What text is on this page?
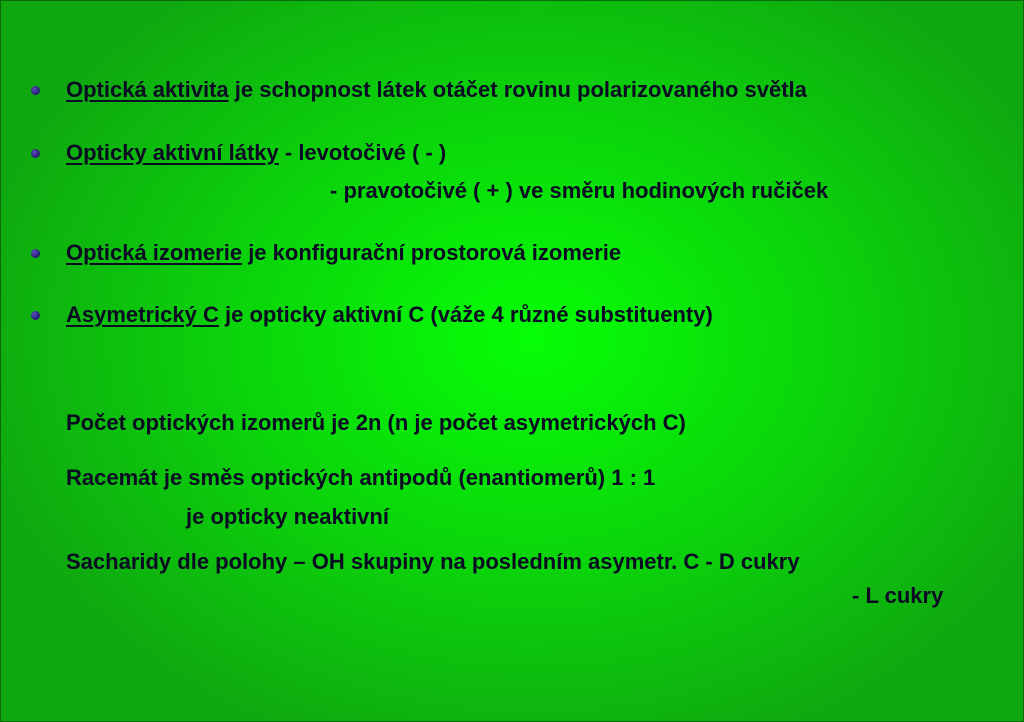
Optická aktivita je schopnost látek otáčet rovinu polarizovaného světla
Opticky aktivní látky - levotočivé ( - )
- pravotočivé ( + ) ve směru hodinových ručiček
Optická izomerie je konfigurační prostorová izomerie
Asymetrický C je opticky aktivní C (váže 4 různé substituenty)
Počet optických izomerů je 2n (n je počet asymetrických C)
Racemát je směs optických antipodů (enantiomerů) 1 : 1
je opticky neaktivní
Sacharidy dle polohy – OH skupiny na posledním asymetr. C - D cukry
- L cukry
